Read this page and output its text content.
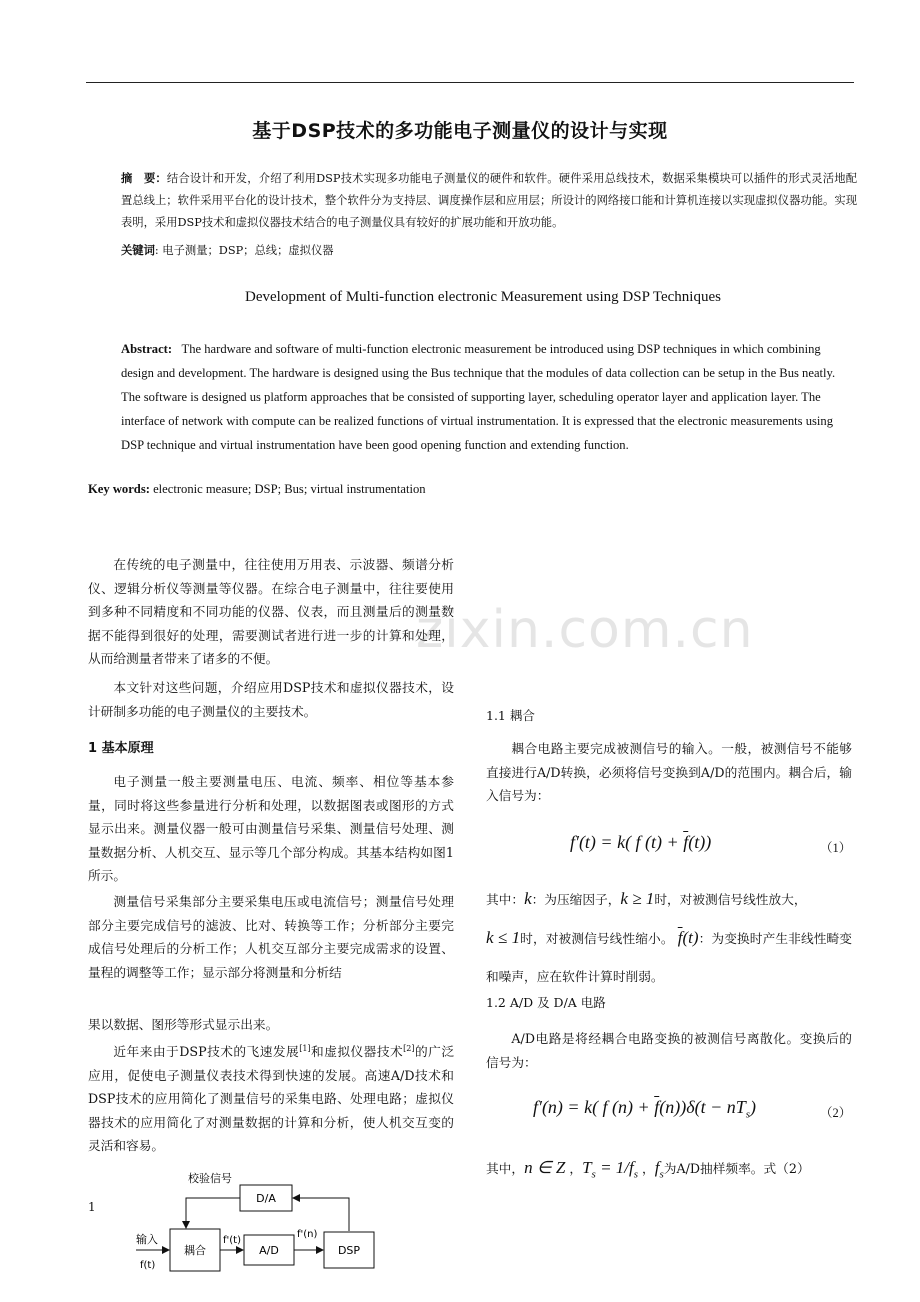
基于DSP技术的多功能电子测量仪的设计与实现
摘　要：结合设计和开发，介绍了利用DSP技术实现多功能电子测量仪的硬件和软件。硬件采用总线技术，数据采集模块可以插件的形式灵活地配置总线上；软件采用平台化的设计技术，整个软件分为支持层、调度操作层和应用层；所设计的网络接口能和计算机连接以实现虚拟仪器功能。实现表明，采用DSP技术和虚拟仪器技术结合的电子测量仪具有较好的扩展功能和开放功能。
关键词: 电子测量；DSP；总线；虚拟仪器
Development of Multi-function electronic Measurement using DSP Techniques
Abstract: The hardware and software of multi-function electronic measurement be introduced using DSP techniques in which combining design and development. The hardware is designed using the Bus technique that the modules of data collection can be setup in the Bus neatly. The software is designed us platform approaches that be consisted of supporting layer, scheduling operator layer and application layer. The interface of network with compute can be realized functions of virtual instrumentation. It is expressed that the electronic measurements using DSP technique and virtual instrumentation have been good opening function and extending function.
Key words: electronic measure; DSP; Bus; virtual instrumentation
zixin.com.cn
在传统的电子测量中，往往使用万用表、示波器、频谱分析仪、逻辑分析仪等测量等仪器。在综合电子测量中，往往要使用到多种不同精度和不同功能的仪器、仪表，而且测量后的测量数据不能得到很好的处理，需要测试者进行进一步的计算和处理，从而给测量者带来了诸多的不便。
本文针对这些问题，介绍应用DSP技术和虚拟仪器技术，设计研制多功能的电子测量仪的主要技术。
1 基本原理
电子测量一般主要测量电压、电流、频率、相位等基本参量，同时将这些参量进行分析和处理，以数据图表或图形的方式显示出来。测量仪器一般可由测量信号采集、测量信号处理、测量数据分析、人机交互、显示等几个部分构成。其基本结构如图1所示。
测量信号采集部分主要采集电压或电流信号；测量信号处理部分主要完成信号的滤波、比对、转换等工作；分析部分主要完成信号处理后的分析工作；人机交互部分主要完成需求的设置、量程的调整等工作；显示部分将测量和分析结
果以数据、图形等形式显示出来。
近年来由于DSP技术的飞速发展[1]和虚拟仪器技术[2]的广泛应用，促使电子测量仪表技术得到快速的发展。高速A/D技术和DSP技术的应用简化了测量信号的采集电路、处理电路；虚拟仪器技术的应用简化了对测量数据的计算和分析，使人机交互变的灵活和容易。
1
校验信号
D/A
耦合	A/D	DSP
输入
f(t)
f'(t)
f'(n)
1.1 耦合
耦合电路主要完成被测信号的输入。一般，被测信号不能够直接进行A/D转换，必须将信号变换到A/D的范围内。耦合后，输入信号为：
f′(t) = k( f $(t) + \overline{f}(t)$)	（1）
其中：k：为压缩因子，k ≥ 1时，对被测信号线性放大，
k ≤ 1时，对被测信号线性缩小。 $\overline{f}(t)$：为变换时产生非线性畸变和噪声，应在软件计算时削弱。
1.2 A/D 及 D/A 电路
A/D电路是将经耦合电路变换的被测信号离散化。变换后的信号为：
f′(n) = k( f $(n) + \overline{f}(n))\delta(t - nT_s)$	（2）
其中，n ∈ Z ，$T_s = 1/f_s$ ，$f_s$为A/D抽样频率。式（2）
